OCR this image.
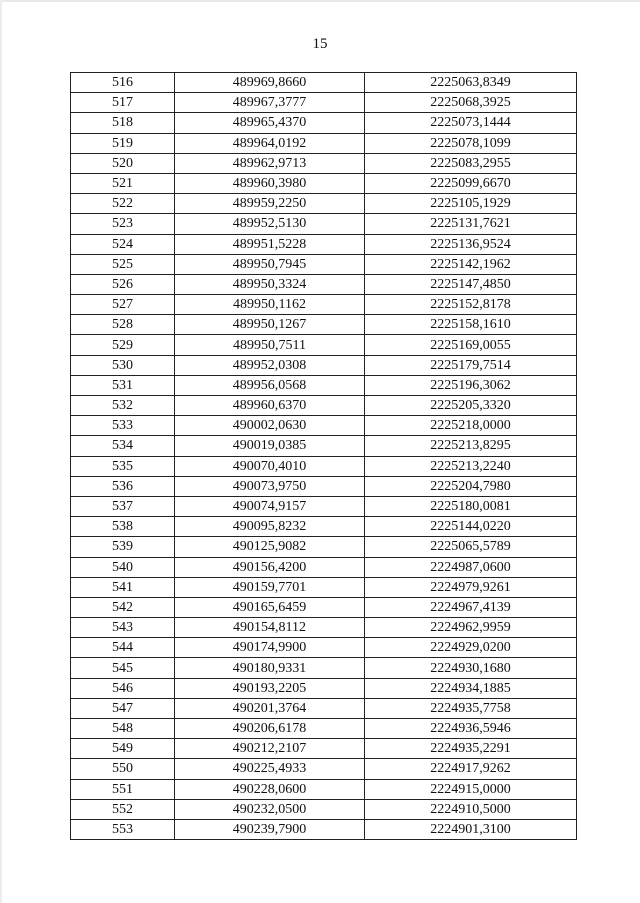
15
516	489969,8660	2225063,8349
517	489967,3777	2225068,3925
518	489965,4370	2225073,1444
519	489964,0192	2225078,1099
520	489962,9713	2225083,2955
521	489960,3980	2225099,6670
522	489959,2250	2225105,1929
523	489952,5130	2225131,7621
524	489951,5228	2225136,9524
525	489950,7945	2225142,1962
526	489950,3324	2225147,4850
527	489950,1162	2225152,8178
528	489950,1267	2225158,1610
529	489950,7511	2225169,0055
530	489952,0308	2225179,7514
531	489956,0568	2225196,3062
532	489960,6370	2225205,3320
533	490002,0630	2225218,0000
534	490019,0385	2225213,8295
535	490070,4010	2225213,2240
536	490073,9750	2225204,7980
537	490074,9157	2225180,0081
538	490095,8232	2225144,0220
539	490125,9082	2225065,5789
540	490156,4200	2224987,0600
541	490159,7701	2224979,9261
542	490165,6459	2224967,4139
543	490154,8112	2224962,9959
544	490174,9900	2224929,0200
545	490180,9331	2224930,1680
546	490193,2205	2224934,1885
547	490201,3764	2224935,7758
548	490206,6178	2224936,5946
549	490212,2107	2224935,2291
550	490225,4933	2224917,9262
551	490228,0600	2224915,0000
552	490232,0500	2224910,5000
553	490239,7900	2224901,3100
